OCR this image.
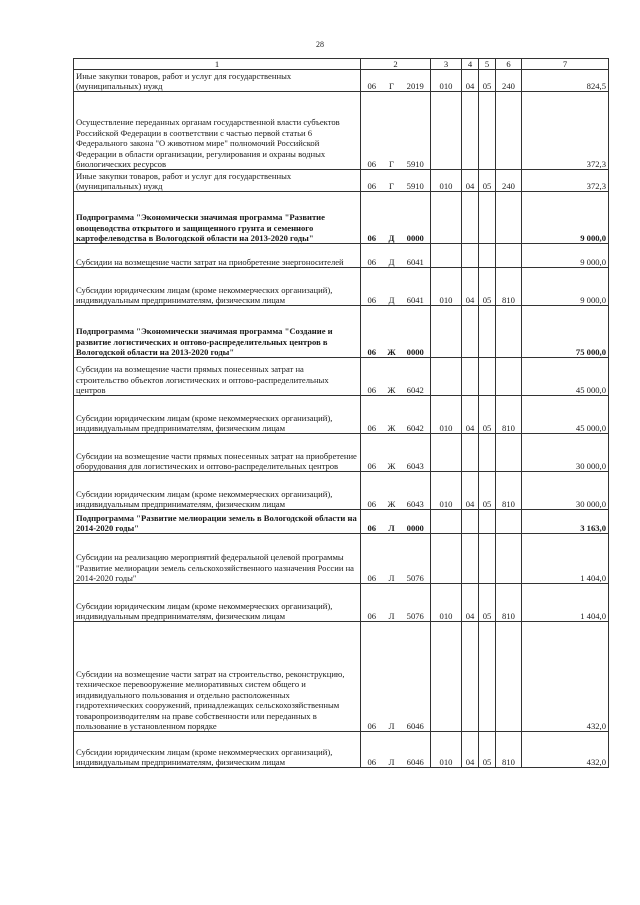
28
1	2			3	4	5	6	7
Иные закупки товаров, работ и услуг для государственных (муниципальных) нужд	06	Г	2019	010	04	05	240	824,5
Осуществление переданных органам государственной власти субъектов Российской Федерации в соответствии с частью первой статьи 6 Федерального закона "О животном мире" полномочий Российской Федерации в области организации, регулирования и охраны водных биологических ресурсов	06	Г	5910					372,3
Иные закупки товаров, работ и услуг для государственных (муниципальных) нужд	06	Г	5910	010	04	05	240	372,3
Подпрограмма "Экономически значимая программа "Развитие овощеводства открытого и защищенного грунта и семенного картофелеводства в Вологодской области на 2013-2020 годы"	06	Д	0000					9 000,0
Субсидии на возмещение части затрат на приобретение энергоносителей	06	Д	6041					9 000,0
Субсидии юридическим лицам (кроме некоммерческих организаций), индивидуальным предпринимателям, физическим лицам	06	Д	6041	010	04	05	810	9 000,0
Подпрограмма "Экономически значимая программа "Создание и развитие логистических и оптово-распределительных центров в Вологодской области на 2013-2020 годы"	06	Ж	0000					75 000,0
Субсидии на возмещение части прямых понесенных затрат на строительство объектов логистических и оптово-распределительных центров	06	Ж	6042					45 000,0
Субсидии юридическим лицам (кроме некоммерческих организаций), индивидуальным предпринимателям, физическим лицам	06	Ж	6042	010	04	05	810	45 000,0
Субсидии на возмещение части прямых понесенных затрат на приобретение оборудования для логистических и оптово-распределительных центров	06	Ж	6043					30 000,0
Субсидии юридическим лицам (кроме некоммерческих организаций), индивидуальным предпринимателям, физическим лицам	06	Ж	6043	010	04	05	810	30 000,0
Подпрограмма "Развитие мелиорации земель в Вологодской области на 2014-2020 годы"	06	Л	0000					3 163,0
Субсидии на реализацию мероприятий федеральной целевой программы "Развитие мелиорации земель сельскохозяйственного назначения России на 2014-2020 годы"	06	Л	5076					1 404,0
Субсидии юридическим лицам (кроме некоммерческих организаций), индивидуальным предпринимателям, физическим лицам	06	Л	5076	010	04	05	810	1 404,0
Субсидии на возмещение части затрат на строительство, реконструкцию, техническое перевооружение мелиоративных систем общего и индивидуального пользования и отдельно расположенных гидротехнических сооружений, принадлежащих сельскохозяйственным товаропроизводителям на праве собственности или переданных в пользование в установленном порядке	06	Л	6046					432,0
Субсидии юридическим лицам (кроме некоммерческих организаций), индивидуальным предпринимателям, физическим лицам	06	Л	6046	010	04	05	810	432,0
